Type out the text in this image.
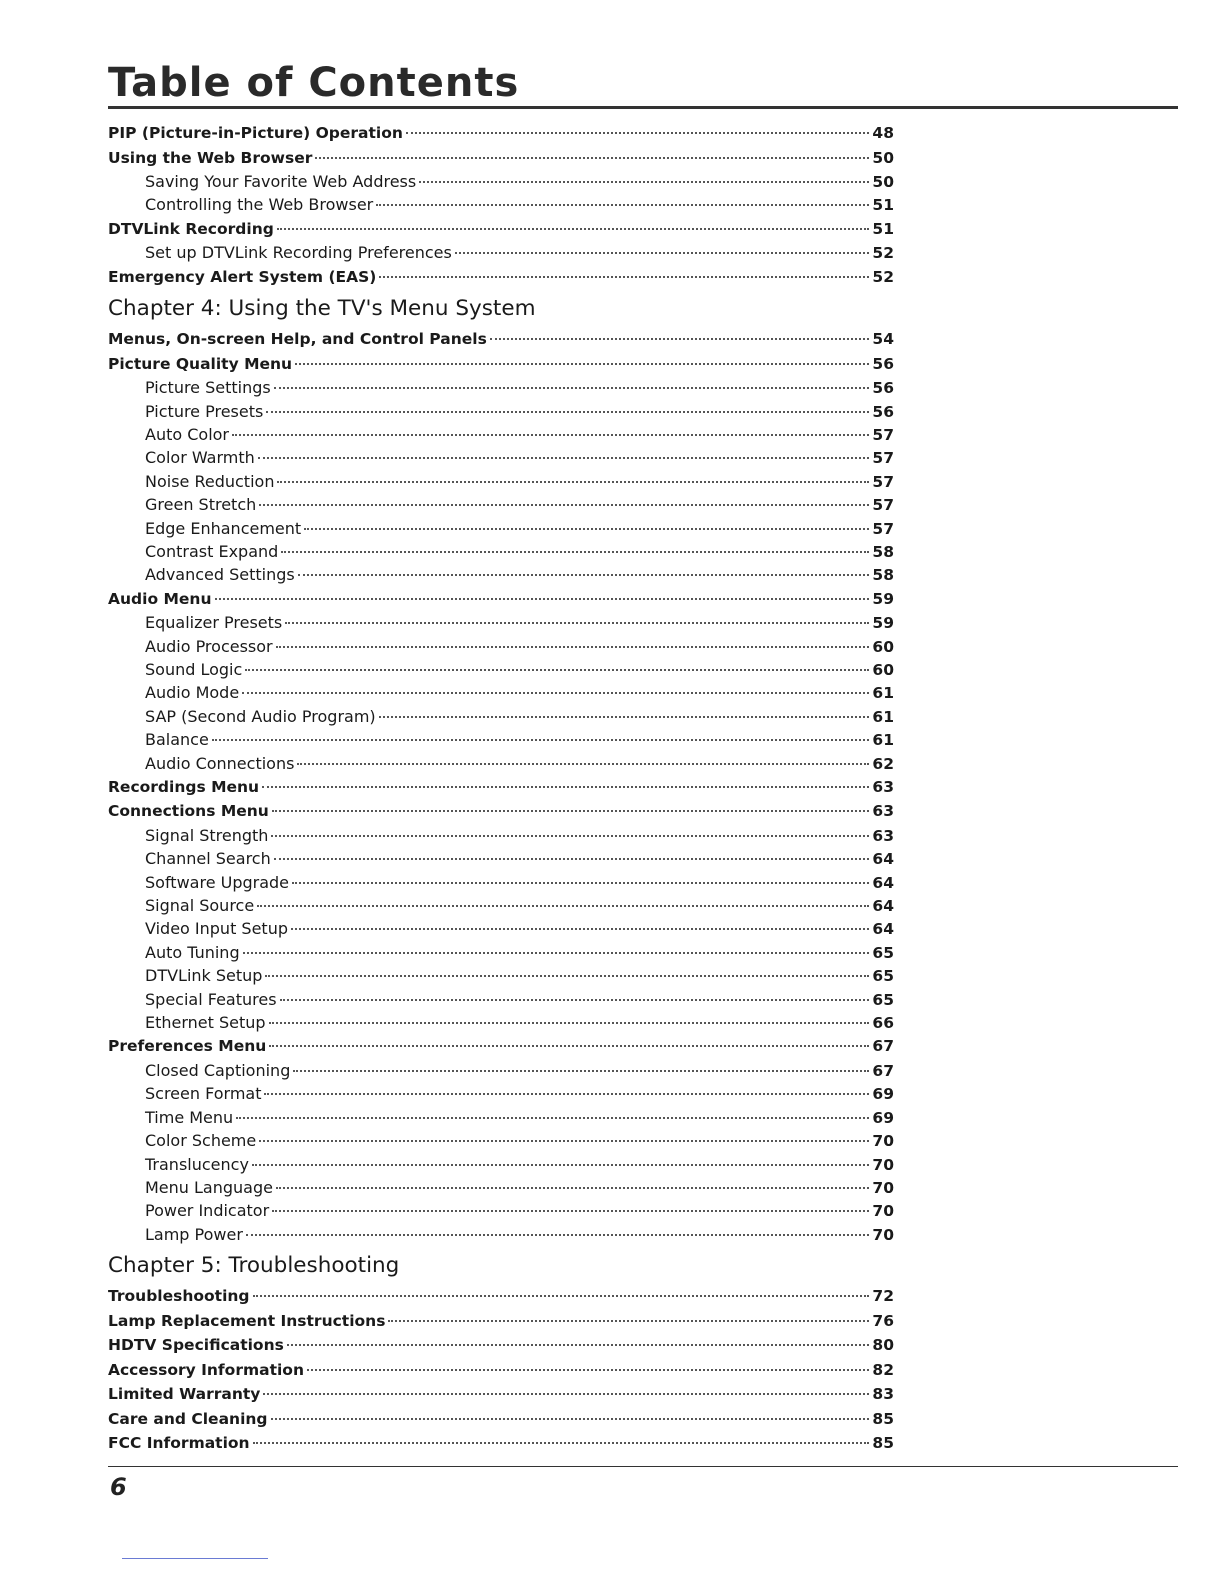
Table of Contents
PIP (Picture-in-Picture) Operation	48
Using the Web Browser	50
Saving Your Favorite Web Address	50
Controlling the Web Browser	51
DTVLink Recording	51
Set up DTVLink Recording Preferences	52
Emergency Alert System (EAS)	52
Chapter 4: Using the TV's Menu System
Menus, On-screen Help, and Control Panels	54
Picture Quality Menu	56
Picture Settings	56
Picture Presets	56
Auto Color	57
Color Warmth	57
Noise Reduction	57
Green Stretch	57
Edge Enhancement	57
Contrast Expand	58
Advanced Settings	58
Audio Menu	59
Equalizer Presets	59
Audio Processor	60
Sound Logic	60
Audio Mode	61
SAP (Second Audio Program)	61
Balance	61
Audio Connections	62
Recordings Menu	63
Connections Menu	63
Signal Strength	63
Channel Search	64
Software Upgrade	64
Signal Source	64
Video Input Setup	64
Auto Tuning	65
DTVLink Setup	65
Special Features	65
Ethernet Setup	66
Preferences Menu	67
Closed Captioning	67
Screen Format	69
Time Menu	69
Color Scheme	70
Translucency	70
Menu Language	70
Power Indicator	70
Lamp Power	70
Chapter 5: Troubleshooting
Troubleshooting	72
Lamp Replacement Instructions	76
HDTV Specifications	80
Accessory Information	82
Limited Warranty	83
Care and Cleaning	85
FCC Information	85
6
